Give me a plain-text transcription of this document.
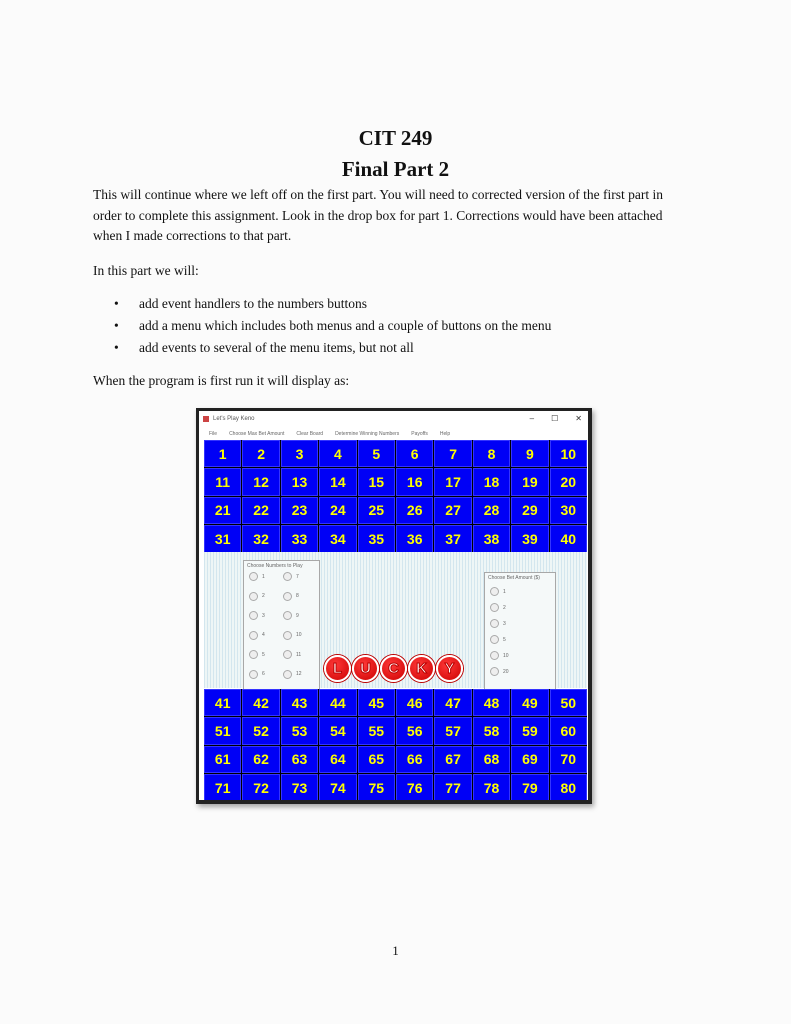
CIT 249
Final Part 2
This will continue where we left off on the first part. You will need to corrected version of the first part in order to complete this assignment. Look in the drop box for part 1. Corrections would have been attached when I made corrections to that part.
In this part we will:
• add event handlers to the numbers buttons
• add a menu which includes both menus and a couple of buttons on the menu
• add events to several of the menu items, but not all
When the program is first run it will display as:
Let's Play Keno	– ☐ ✕
File Choose Max Bet Amount Clear Board Determine Winning Numbers Payoffs Help
1	2	3	4	5	6	7	8	9	10
11	12	13	14	15	16	17	18	19	20
21	22	23	24	25	26	27	28	29	30
31	32	33	34	35	36	37	38	39	40
Choose Numbers to Play
1
2
3
4
5
6
7
8
9
10
11
12
Choose Bet Amount ($)
1
2
3
5
10
20
L	U	C	K	Y
41	42	43	44	45	46	47	48	49	50
51	52	53	54	55	56	57	58	59	60
61	62	63	64	65	66	67	68	69	70
71	72	73	74	75	76	77	78	79	80
1
